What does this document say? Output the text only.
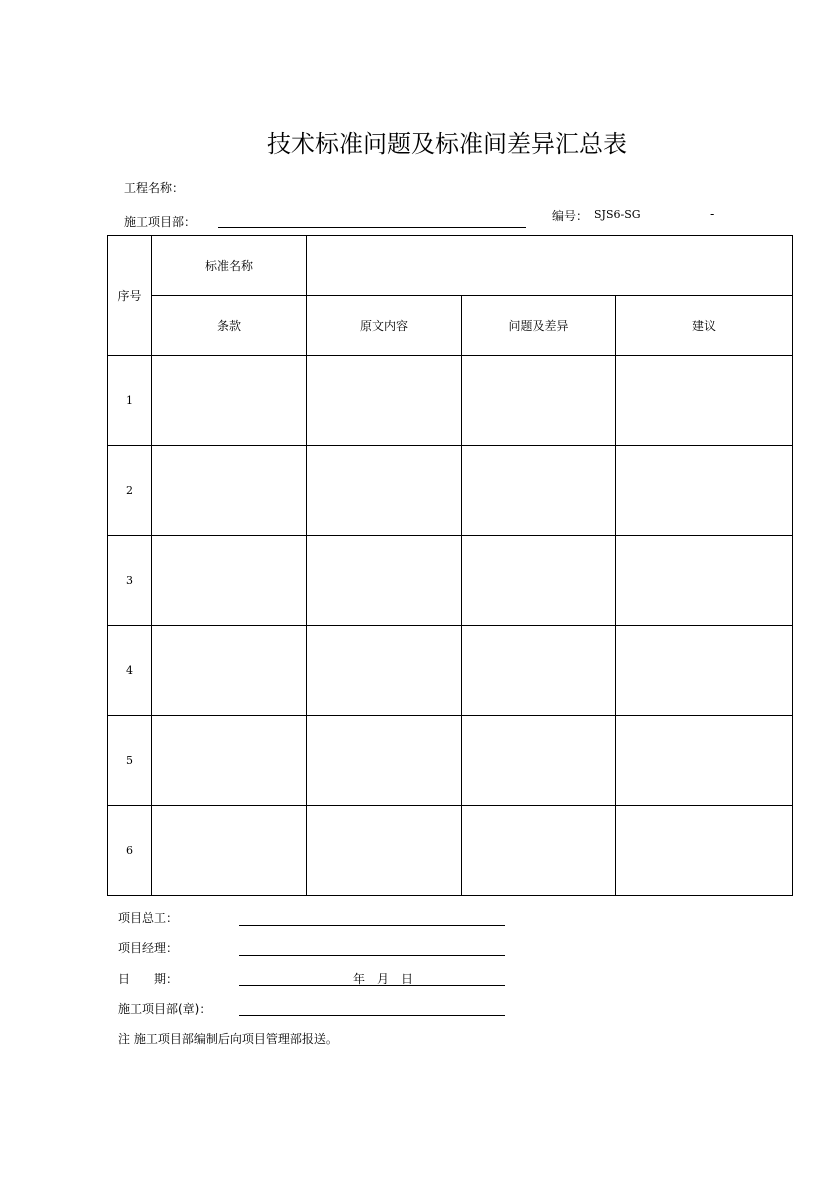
技术标准问题及标准间差异汇总表
工程名称：
施工项目部：	编号： SJS6-SG	-
序号	标准名称			
	条款	原文内容	问题及差异	建议
1				
2				
3				
4				
5				
6				
项目总工：
项目经理：
日　　期：	年　月　日
施工项目部(章)：
注 施工项目部编制后向项目管理部报送。
